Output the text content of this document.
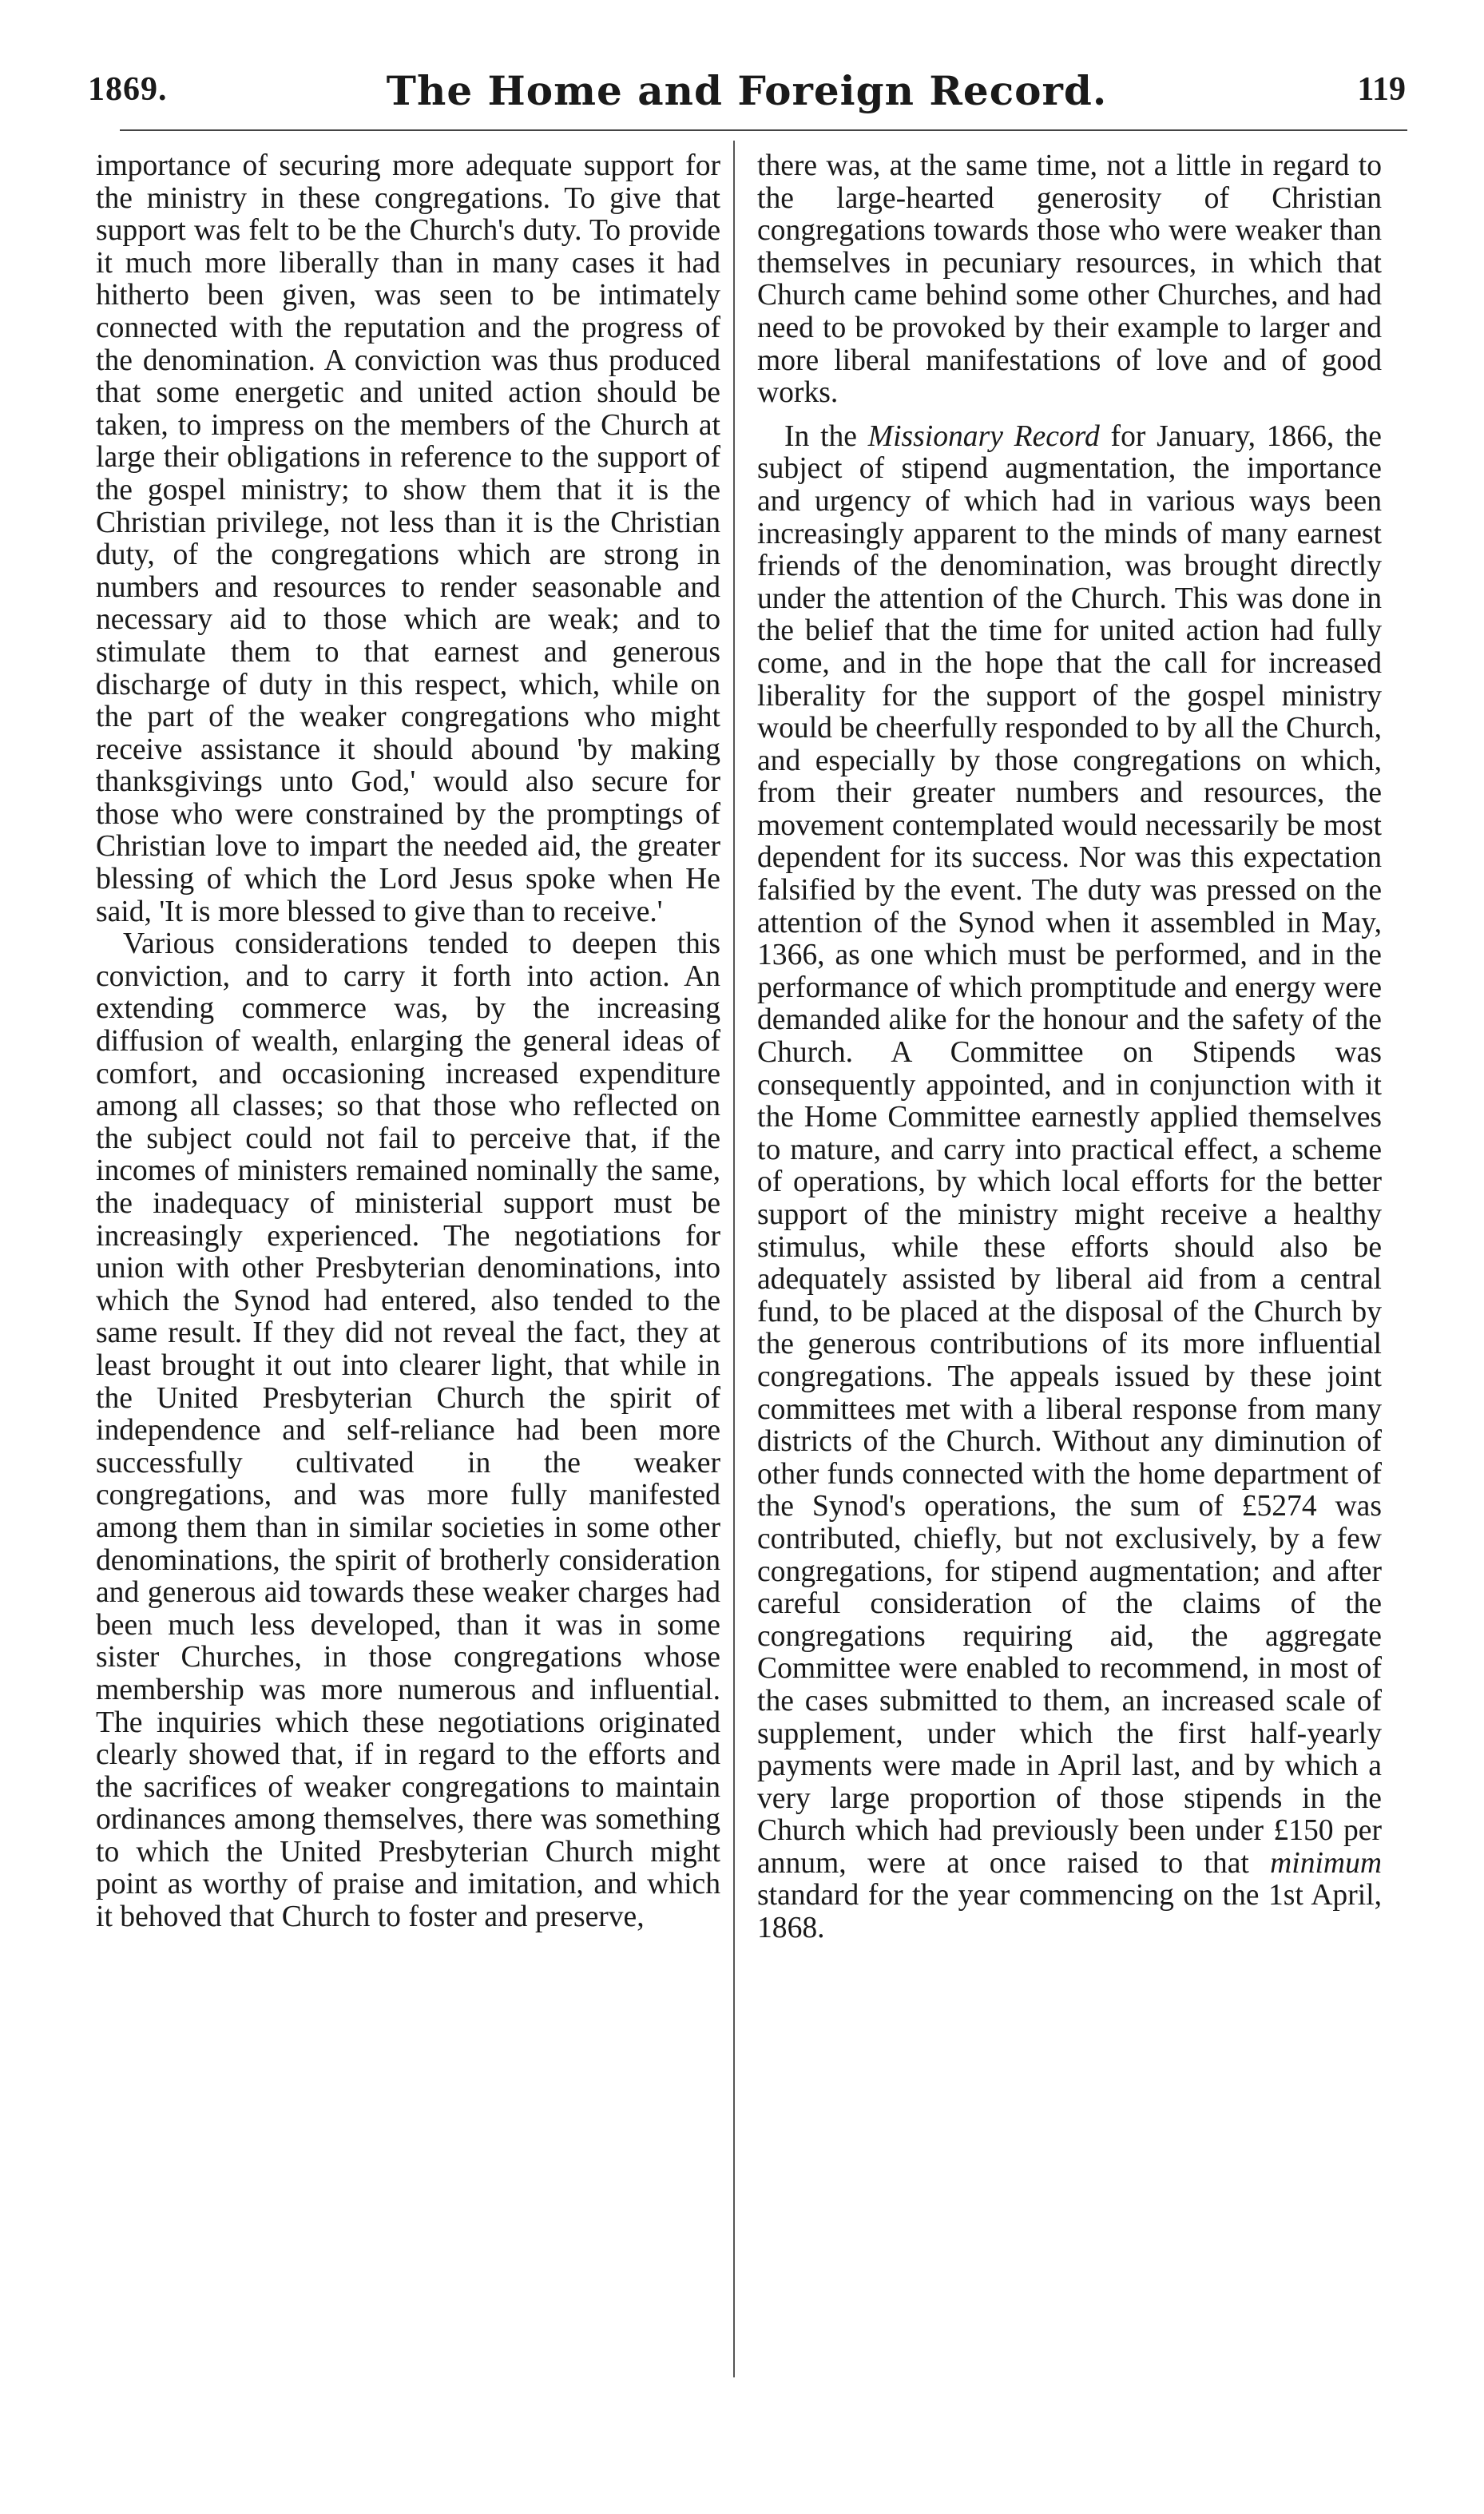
1869.	The Home and Foreign Record.	119

importance of securing more adequate support for the ministry in these congregations. To give that support was felt to be the Church's duty. To provide it much more liberally than in many cases it had hitherto been given, was seen to be intimately connected with the reputation and the progress of the denomination. A conviction was thus produced that some energetic and united action should be taken, to impress on the members of the Church at large their obligations in reference to the support of the gospel ministry; to show them that it is the Christian privilege, not less than it is the Christian duty, of the congregations which are strong in numbers and resources to render seasonable and necessary aid to those which are weak; and to stimulate them to that earnest and generous discharge of duty in this respect, which, while on the part of the weaker congregations who might receive assistance it should abound 'by making thanksgivings unto God,' would also secure for those who were constrained by the promptings of Christian love to impart the needed aid, the greater blessing of which the Lord Jesus spoke when He said, 'It is more blessed to give than to receive.'

Various considerations tended to deepen this conviction, and to carry it forth into action. An extending commerce was, by the increasing diffusion of wealth, enlarging the general ideas of comfort, and occasioning increased expenditure among all classes; so that those who reflected on the subject could not fail to perceive that, if the incomes of ministers remained nominally the same, the inadequacy of ministerial support must be increasingly experienced. The negotiations for union with other Presbyterian denominations, into which the Synod had entered, also tended to the same result. If they did not reveal the fact, they at least brought it out into clearer light, that while in the United Presbyterian Church the spirit of independence and self-reliance had been more successfully cultivated in the weaker congregations, and was more fully manifested among them than in similar societies in some other denominations, the spirit of brotherly consideration and generous aid towards these weaker charges had been much less developed, than it was in some sister Churches, in those congregations whose membership was more numerous and influential. The inquiries which these negotiations originated clearly showed that, if in regard to the efforts and the sacrifices of weaker congregations to maintain ordinances among themselves, there was something to which the United Presbyterian Church might point as worthy of praise and imitation, and which it behoved that Church to foster and preserve,

there was, at the same time, not a little in regard to the large-hearted generosity of Christian congregations towards those who were weaker than themselves in pecuniary resources, in which that Church came behind some other Churches, and had need to be provoked by their example to larger and more liberal manifestations of love and of good works.

In the Missionary Record for January, 1866, the subject of stipend augmentation, the importance and urgency of which had in various ways been increasingly apparent to the minds of many earnest friends of the denomination, was brought directly under the attention of the Church. This was done in the belief that the time for united action had fully come, and in the hope that the call for increased liberality for the support of the gospel ministry would be cheerfully responded to by all the Church, and especially by those congregations on which, from their greater numbers and resources, the movement contemplated would necessarily be most dependent for its success. Nor was this expectation falsified by the event. The duty was pressed on the attention of the Synod when it assembled in May, 1366, as one which must be performed, and in the performance of which promptitude and energy were demanded alike for the honour and the safety of the Church. A Committee on Stipends was consequently appointed, and in conjunction with it the Home Committee earnestly applied themselves to mature, and carry into practical effect, a scheme of operations, by which local efforts for the better support of the ministry might receive a healthy stimulus, while these efforts should also be adequately assisted by liberal aid from a central fund, to be placed at the disposal of the Church by the generous contributions of its more influential congregations. The appeals issued by these joint committees met with a liberal response from many districts of the Church. Without any diminution of other funds connected with the home department of the Synod's operations, the sum of £5274 was contributed, chiefly, but not exclusively, by a few congregations, for stipend augmentation; and after careful consideration of the claims of the congregations requiring aid, the aggregate Committee were enabled to recommend, in most of the cases submitted to them, an increased scale of supplement, under which the first half-yearly payments were made in April last, and by which a very large proportion of those stipends in the Church which had previously been under £150 per annum, were at once raised to that minimum standard for the year commencing on the 1st April, 1868.
